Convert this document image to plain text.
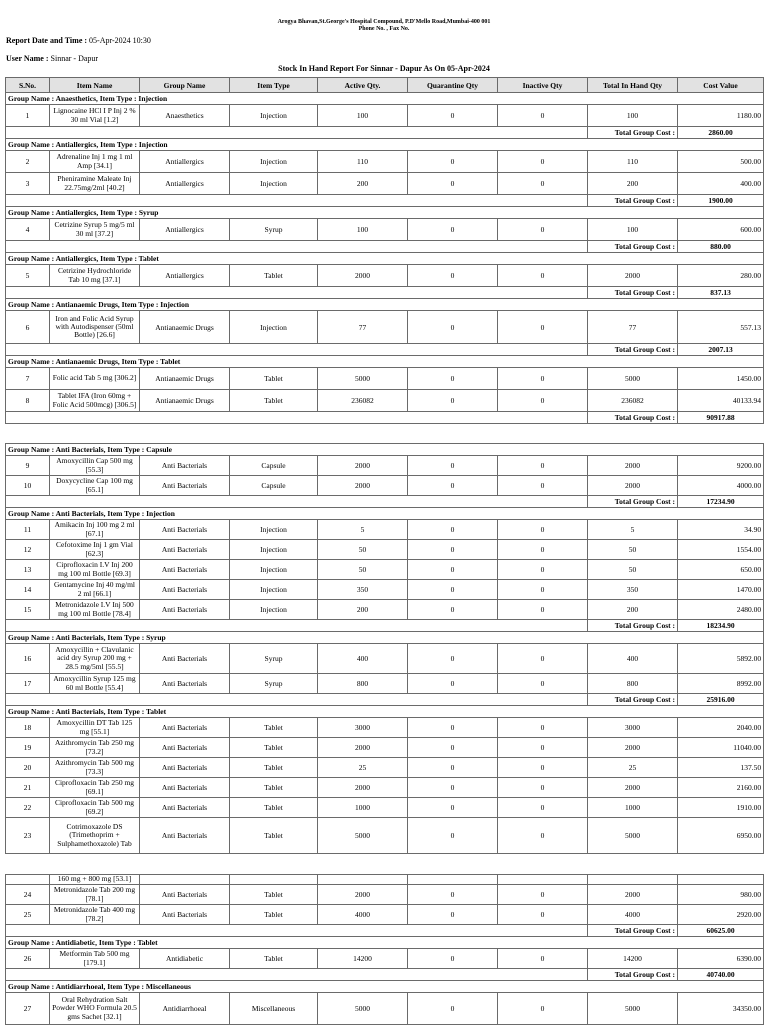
Arogya Bhavan,St.George's Hospital Compound, P.D'Mello Road,Mumbai-400 001
Phone No. , Fax No.
Report Date and Time : 05-Apr-2024 10:30
User Name : Sinnar - Dapur
Stock In Hand Report For Sinnar - Dapur As On 05-Apr-2024
S.No.	Item Name	Group Name	Item Type	Active Qty.	Quarantine Qty	Inactive Qty	Total In Hand Qty	Cost Value
Group Name : Anaesthetics, Item Type : Injection								
1	Lignocaine HCl I P Inj 2 % 30 ml Vial [1.2]	Anaesthetics	Injection	100	0	0	100	1180.00
							Total Group Cost :	2860.00
Group Name : Antiallergics, Item Type : Injection								
2	Adrenaline Inj 1 mg 1 ml Amp [34.1]	Antiallergics	Injection	110	0	0	110	500.00
3	Pheniramine Maleate Inj 22.75mg/2ml [40.2]	Antiallergics	Injection	200	0	0	200	400.00
							Total Group Cost :	1900.00
Group Name : Antiallergics, Item Type : Syrup								
4	Cetrizine Syrup 5 mg/5 ml 30 ml [37.2]	Antiallergics	Syrup	100	0	0	100	600.00
							Total Group Cost :	880.00
Group Name : Antiallergics, Item Type : Tablet								
5	Cetrizine Hydrochloride Tab 10 mg [37.1]	Antiallergics	Tablet	2000	0	0	2000	280.00
							Total Group Cost :	837.13
Group Name : Antianaemic Drugs, Item Type : Injection								
6	Iron and Folic Acid Syrup with Autodispenser (50ml Bottle) [26.6]	Antianaemic Drugs	Injection	77	0	0	77	557.13
							Total Group Cost :	2007.13
Group Name : Antianaemic Drugs, Item Type : Tablet								
7	Folic acid Tab 5 mg [306.2]	Antianaemic Drugs	Tablet	5000	0	0	5000	1450.00
8	Tablet IFA (Iron 60mg + Folic Acid 500mcg) [306.5]	Antianaemic Drugs	Tablet	236082	0	0	236082	40133.94
							Total Group Cost :	90917.88
Group Name : Anti Bacterials, Item Type : Capsule								
9	Amoxycillin Cap 500 mg [55.3]	Anti Bacterials	Capsule	2000	0	0	2000	9200.00
10	Doxycycline Cap 100 mg [65.1]	Anti Bacterials	Capsule	2000	0	0	2000	4000.00
							Total Group Cost :	17234.90
Group Name : Anti Bacterials, Item Type : Injection								
11	Amikacin Inj 100 mg 2 ml [67.1]	Anti Bacterials	Injection	5	0	0	5	34.90
12	Cefotoxime Inj 1 gm Vial [62.3]	Anti Bacterials	Injection	50	0	0	50	1554.00
13	Ciprofloxacin I.V Inj 200 mg 100 ml Bottle [69.3]	Anti Bacterials	Injection	50	0	0	50	650.00
14	Gentamycine Inj 40 mg/ml 2 ml [66.1]	Anti Bacterials	Injection	350	0	0	350	1470.00
15	Metronidazole I.V Inj 500 mg 100 ml Bottle [78.4]	Anti Bacterials	Injection	200	0	0	200	2480.00
							Total Group Cost :	18234.90
Group Name : Anti Bacterials, Item Type : Syrup								
16	Amoxycillin + Clavulanic acid dry Syrup 200 mg + 28.5 mg/5ml [55.5]	Anti Bacterials	Syrup	400	0	0	400	5892.00
17	Amoxycillin Syrup 125 mg 60 ml Bottle [55.4]	Anti Bacterials	Syrup	800	0	0	800	8992.00
							Total Group Cost :	25916.00
Group Name : Anti Bacterials, Item Type : Tablet								
18	Amoxycillin DT Tab 125 mg [55.1]	Anti Bacterials	Tablet	3000	0	0	3000	2040.00
19	Azithromycin Tab 250 mg [73.2]	Anti Bacterials	Tablet	2000	0	0	2000	11040.00
20	Azithromycin Tab 500 mg [73.3]	Anti Bacterials	Tablet	25	0	0	25	137.50
21	Ciprofloxacin Tab 250 mg [69.1]	Anti Bacterials	Tablet	2000	0	0	2000	2160.00
22	Ciprofloxacin Tab 500 mg [69.2]	Anti Bacterials	Tablet	1000	0	0	1000	1910.00
23	Cotrimoxazole DS (Trimethoprim + Sulphamethoxazole) Tab	Anti Bacterials	Tablet	5000	0	0	5000	6950.00
	160 mg + 800 mg [53.1]							
24	Metronidazole Tab 200 mg [78.1]	Anti Bacterials	Tablet	2000	0	0	2000	980.00
25	Metronidazole Tab 400 mg [78.2]	Anti Bacterials	Tablet	4000	0	0	4000	2920.00
							Total Group Cost :	60625.00
Group Name : Antidiabetic, Item Type : Tablet								
26	Metformin Tab 500 mg [179.1]	Antidiabetic	Tablet	14200	0	0	14200	6390.00
							Total Group Cost :	40740.00
Group Name : Antidiarrhoeal, Item Type : Miscellaneous								
27	Oral Rehydration Salt Powder WHO Formula 20.5 gms Sachet [32.1]	Antidiarrhoeal	Miscellaneous	5000	0	0	5000	34350.00
